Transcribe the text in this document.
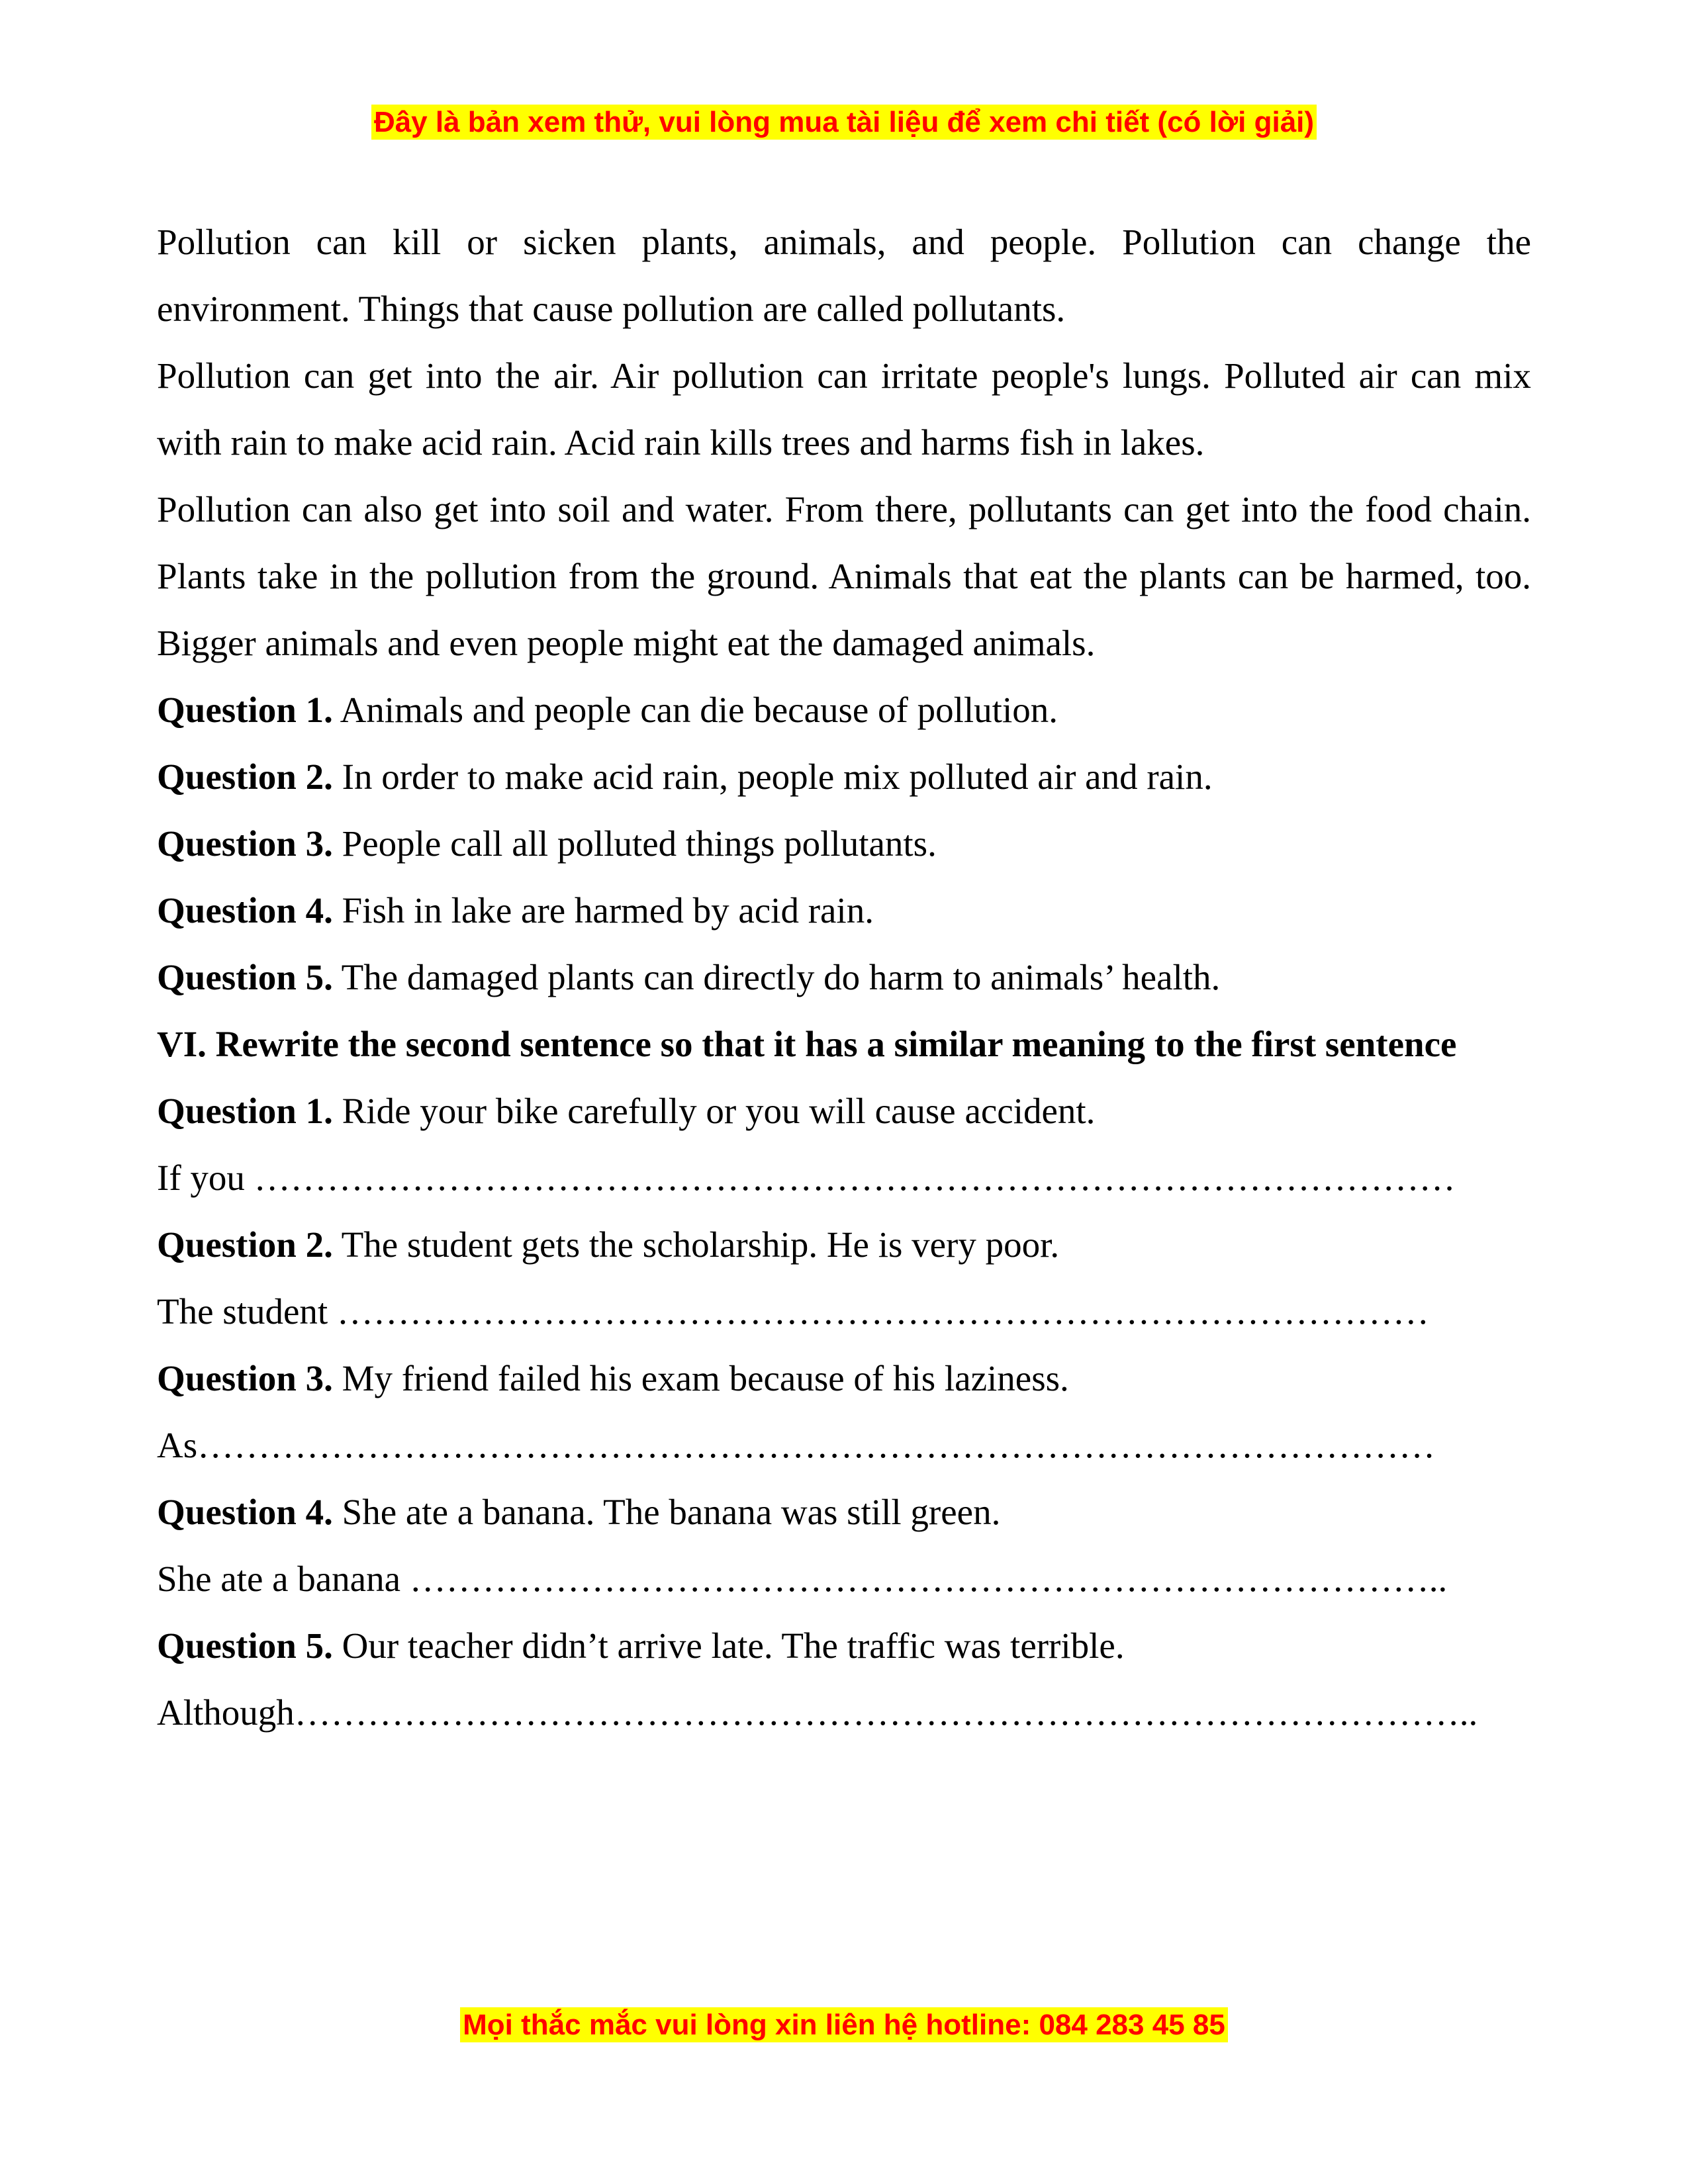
Đây là bản xem thử, vui lòng mua tài liệu để xem chi tiết (có lời giải)

Pollution can kill or sicken plants, animals, and people. Pollution can change the environment. Things that cause pollution are called pollutants.

Pollution can get into the air. Air pollution can irritate people's lungs. Polluted air can mix with rain to make acid rain. Acid rain kills trees and harms fish in lakes.

Pollution can also get into soil and water. From there, pollutants can get into the food chain. Plants take in the pollution from the ground. Animals that eat the plants can be harmed, too. Bigger animals and even people might eat the damaged animals.

Question 1. Animals and people can die because of pollution.

Question 2. In order to make acid rain, people mix polluted air and rain.

Question 3. People call all polluted things pollutants.

Question 4. Fish in lake are harmed by acid rain.

Question 5. The damaged plants can directly do harm to animals’ health.

VI. Rewrite the second sentence so that it has a similar meaning to the first sentence

Question 1. Ride your bike carefully or you will cause accident.

If you ………………………………………………………………………………………

Question 2. The student gets the scholarship. He is very poor.

The student ………………………………………………………………………………

Question 3. My friend failed his exam because of his laziness.

As…………………………………………………………………………………………

Question 4. She ate a banana. The banana was still green.

She ate a banana …………………………………………………………………………..

Question 5. Our teacher didn’t arrive late. The traffic was terrible.

Although……………………………………………………………………………………..

Mọi thắc mắc vui lòng xin liên hệ hotline: 084 283 45 85
